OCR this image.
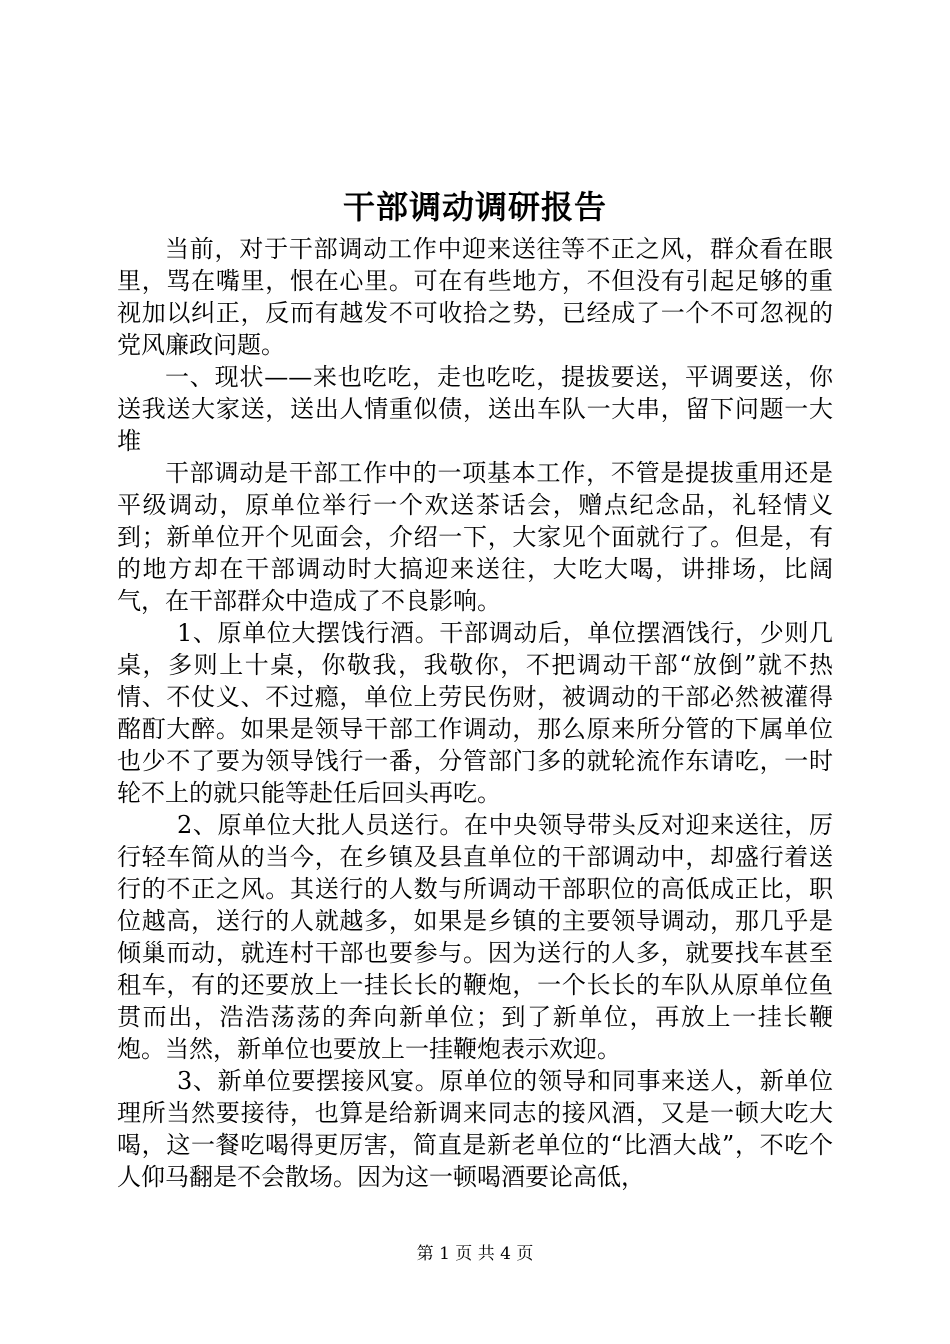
干部调动调研报告

当前，对于干部调动工作中迎来送往等不正之风，群众看在眼里，骂在嘴里，恨在心里。可在有些地方，不但没有引起足够的重视加以纠正，反而有越发不可收拾之势，已经成了一个不可忽视的党风廉政问题。

一、现状——来也吃吃，走也吃吃，提拔要送，平调要送，你送我送大家送，送出人情重似债，送出车队一大串，留下问题一大堆

干部调动是干部工作中的一项基本工作，不管是提拔重用还是平级调动，原单位举行一个欢送茶话会，赠点纪念品，礼轻情义到；新单位开个见面会，介绍一下，大家见个面就行了。但是，有的地方却在干部调动时大搞迎来送往，大吃大喝，讲排场，比阔气，在干部群众中造成了不良影响。

1、原单位大摆饯行酒。干部调动后，单位摆酒饯行，少则几桌，多则上十桌，你敬我，我敬你，不把调动干部“放倒”就不热情、不仗义、不过瘾，单位上劳民伤财，被调动的干部必然被灌得酩酊大醉。如果是领导干部工作调动，那么原来所分管的下属单位也少不了要为领导饯行一番，分管部门多的就轮流作东请吃，一时轮不上的就只能等赴任后回头再吃。

2、原单位大批人员送行。在中央领导带头反对迎来送往，厉行轻车简从的当今，在乡镇及县直单位的干部调动中，却盛行着送行的不正之风。其送行的人数与所调动干部职位的高低成正比，职位越高，送行的人就越多，如果是乡镇的主要领导调动，那几乎是倾巢而动，就连村干部也要参与。因为送行的人多，就要找车甚至租车，有的还要放上一挂长长的鞭炮，一个长长的车队从原单位鱼贯而出，浩浩荡荡的奔向新单位；到了新单位，再放上一挂长鞭炮。当然，新单位也要放上一挂鞭炮表示欢迎。

3、新单位要摆接风宴。原单位的领导和同事来送人，新单位理所当然要接待，也算是给新调来同志的接风酒，又是一顿大吃大喝，这一餐吃喝得更厉害，简直是新老单位的“比酒大战”，不吃个人仰马翻是不会散场。因为这一顿喝酒要论高低，

第 1 页 共 4 页
